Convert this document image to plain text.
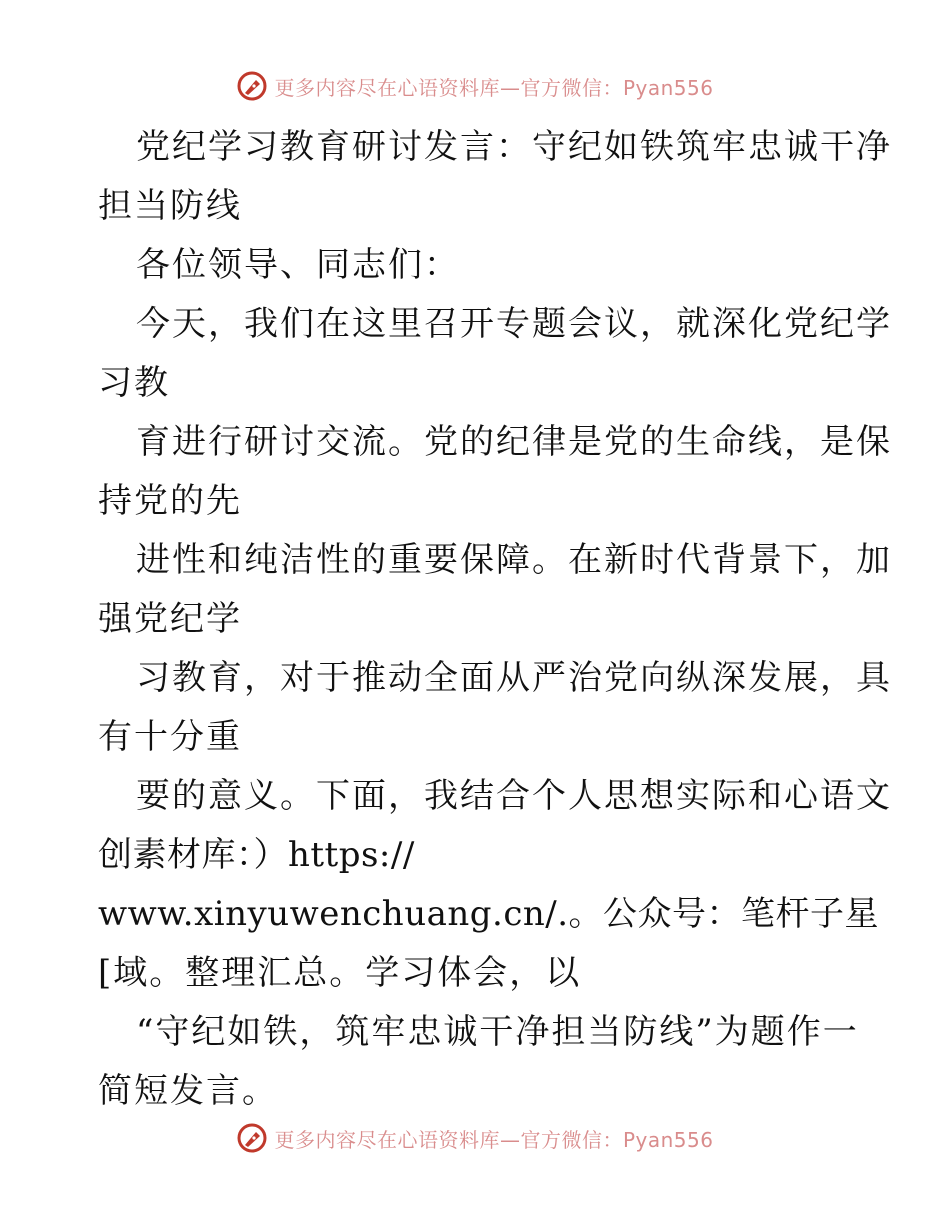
更多内容尽在心语资料库—官方微信：Pyan556
党纪学习教育研讨发言：守纪如铁筑牢忠诚干净
担当防线
各位领导、同志们：
今天，我们在这里召开专题会议，就深化党纪学
习教
育进行研讨交流。党的纪律是党的生命线，是保
持党的先
进性和纯洁性的重要保障。在新时代背景下，加
强党纪学
习教育，对于推动全面从严治党向纵深发展，具
有十分重
要的意义。下面，我结合个人思想实际和心语文
创素材库：）https://
www.xinyuwenchuang.cn/.。公众号：笔杆子星
[域。整理汇总。学习体会，以
“守纪如铁，筑牢忠诚干净担当防线”为题作一
简短发言。
更多内容尽在心语资料库—官方微信：Pyan556
